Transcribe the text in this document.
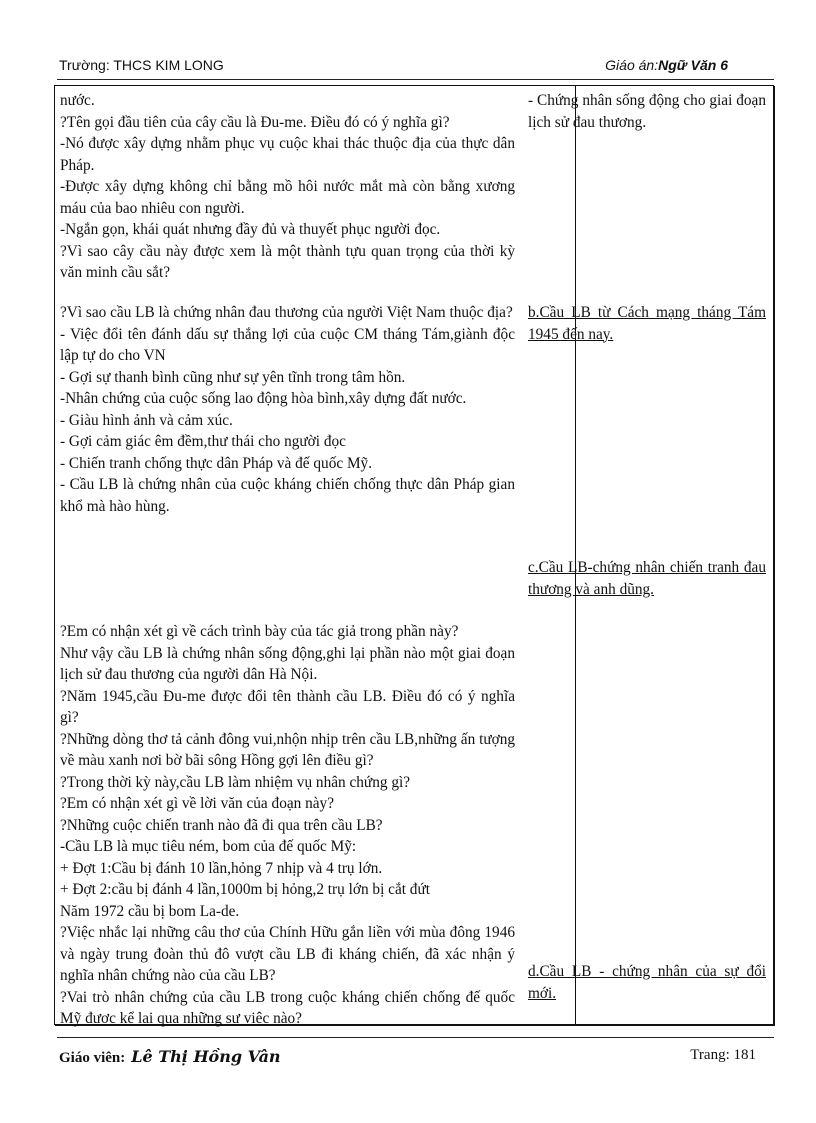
Trường: THCS KIM LONG	Giáo án:Ngữ Văn 6

nước.

?Tên gọi đầu tiên của cây cầu là Đu-me. Điều đó có ý nghĩa gì?

-Nó được xây dựng nhằm phục vụ cuộc khai thác thuộc địa của thực dân Pháp.

-Được xây dựng không chỉ bằng mồ hôi nước mắt mà còn bằng xương máu của bao nhiêu con người.

-Ngắn gọn, khái quát nhưng đầy đủ và thuyết phục người đọc.

?Vì sao cây cầu này được xem là một thành tựu quan trọng của thời kỳ văn minh cầu sắt?

?Vì sao cầu LB là chứng nhân đau thương của người Việt Nam thuộc địa?

- Việc đổi tên đánh dấu sự thắng lợi của cuộc CM tháng Tám,giành độc lập tự do cho VN

- Gợi sự thanh bình cũng như sự yên tĩnh trong tâm hồn.

-Nhân chứng của cuộc sống lao động hòa bình,xây dựng đất nước.

- Giàu hình ảnh và cảm xúc.

- Gợi cảm giác êm đềm,thư thái cho người đọc

- Chiến tranh chống thực dân Pháp và đế quốc Mỹ.

- Cầu LB là chứng nhân của cuộc kháng chiến chống thực dân Pháp gian khổ mà hào hùng.

?Em có nhận xét gì về cách trình bày của tác giả trong phần này?

Như vậy cầu LB là chứng nhân sống động,ghi lại phần nào một giai đoạn lịch sử đau thương của người dân Hà Nội.

?Năm 1945,cầu Đu-me được đổi tên thành cầu LB. Điều đó có ý nghĩa gì?

?Những dòng thơ tả cảnh đông vui,nhộn nhịp trên cầu LB,những ấn tượng về màu xanh nơi bờ bãi sông Hồng gợi lên điều gì?

?Trong thời kỳ này,cầu LB làm nhiệm vụ nhân chứng gì?

?Em có nhận xét gì về lời văn của đoạn này?

?Những cuộc chiến tranh nào đã đi qua trên cầu LB?

-Cầu LB là mục tiêu ném, bom của đế quốc Mỹ:

+ Đợt 1:Cầu bị đánh 10 lần,hỏng 7 nhịp và 4 trụ lớn.

+ Đợt 2:cầu bị đánh 4 lần,1000m bị hỏng,2 trụ lớn bị cắt đứt

Năm 1972 cầu bị bom La-de.

?Việc nhắc lại những câu thơ của Chính Hữu gắn liền với mùa đông 1946 và ngày trung đoàn thủ đô vượt cầu LB đi kháng chiến, đã xác nhận ý nghĩa nhân chứng nào của cầu LB?

?Vai trò nhân chứng của cầu LB trong cuộc kháng chiến chống đế quốc Mỹ được kể lại qua những sự việc nào?

- Chứng nhân sống động cho giai đoạn lịch sử đau thương.

b.Cầu LB từ Cách mạng tháng Tám 1945 đến nay.

c.Cầu LB-chứng nhân chiến tranh đau thương và anh dũng.

d.Cầu LB - chứng nhân của sự đổi mới.

Giáo viên: Lê Thị Hồng Vân	Trang: 181
